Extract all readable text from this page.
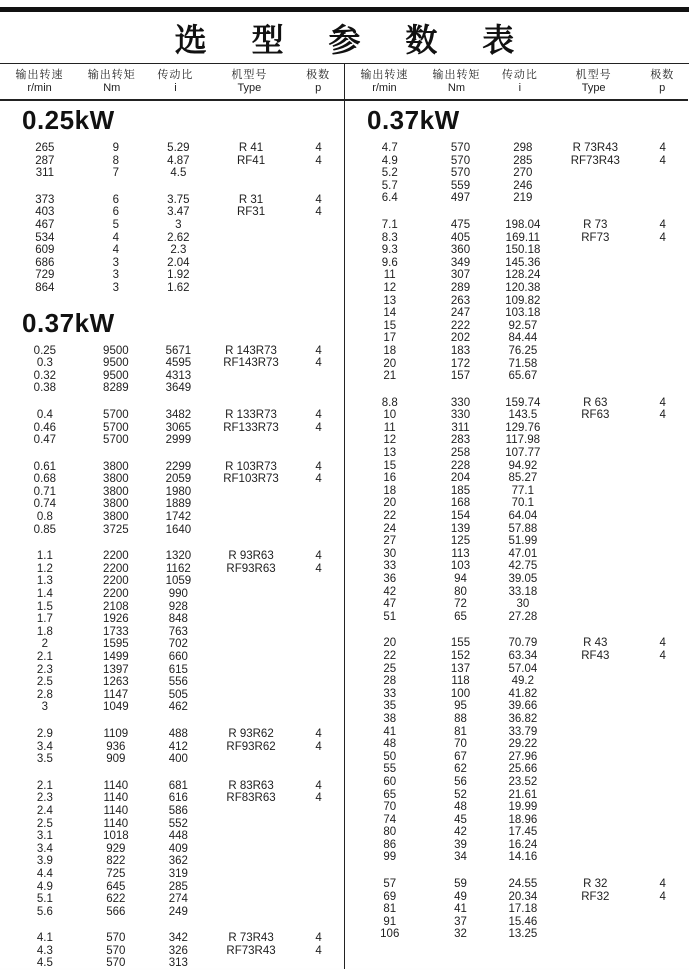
选 型 参 数 表
输出转速
r/min
输出转矩
Nm
传动比
i
机型号
Type
极数
p
0.25kW
265	9	5.29	R 41	4
287	8	4.87	RF41	4
311	7	4.5
373	6	3.75	R 31	4
403	6	3.47	RF31	4
467	5	3
534	4	2.62
609	4	2.3
686	3	2.04
729	3	1.92
864	3	1.62
0.37kW
0.25	9500	5671	R 143R73	4
0.3	9500	4595	RF143R73	4
0.32	9500	4313
0.38	8289	3649
0.4	5700	3482	R 133R73	4
0.46	5700	3065	RF133R73	4
0.47	5700	2999
0.61	3800	2299	R 103R73	4
0.68	3800	2059	RF103R73	4
0.71	3800	1980
0.74	3800	1889
0.8	3800	1742
0.85	3725	1640
1.1	2200	1320	R 93R63	4
1.2	2200	1162	RF93R63	4
1.3	2200	1059
1.4	2200	990
1.5	2108	928
1.7	1926	848
1.8	1733	763
2	1595	702
2.1	1499	660
2.3	1397	615
2.5	1263	556
2.8	1147	505
3	1049	462
2.9	1109	488	R 93R62	4
3.4	936	412	RF93R62	4
3.5	909	400
2.1	1140	681	R 83R63	4
2.3	1140	616	RF83R63	4
2.4	1140	586
2.5	1140	552
3.1	1018	448
3.4	929	409
3.9	822	362
4.4	725	319
4.9	645	285
5.1	622	274
5.6	566	249
4.1	570	342	R 73R43	4
4.3	570	326	RF73R43	4
4.5	570	313
输出转速
r/min
输出转矩
Nm
传动比
i
机型号
Type
极数
p
0.37kW
4.7	570	298	R 73R43	4
4.9	570	285	RF73R43	4
5.2	570	270
5.7	559	246
6.4	497	219
7.1	475	198.04	R 73	4
8.3	405	169.11	RF73	4
9.3	360	150.18
9.6	349	145.36
11	307	128.24
12	289	120.38
13	263	109.82
14	247	103.18
15	222	92.57
17	202	84.44
18	183	76.25
20	172	71.58
21	157	65.67
8.8	330	159.74	R 63	4
10	330	143.5	RF63	4
11	311	129.76
12	283	117.98
13	258	107.77
15	228	94.92
16	204	85.27
18	185	77.1
20	168	70.1
22	154	64.04
24	139	57.88
27	125	51.99
30	113	47.01
33	103	42.75
36	94	39.05
42	80	33.18
47	72	30
51	65	27.28
20	155	70.79	R 43	4
22	152	63.34	RF43	4
25	137	57.04
28	118	49.2
33	100	41.82
35	95	39.66
38	88	36.82
41	81	33.79
48	70	29.22
50	67	27.96
55	62	25.66
60	56	23.52
65	52	21.61
70	48	19.99
74	45	18.96
80	42	17.45
86	39	16.24
99	34	14.16
57	59	24.55	R 32	4
69	49	20.34	RF32	4
81	41	17.18
91	37	15.46
106	32	13.25
